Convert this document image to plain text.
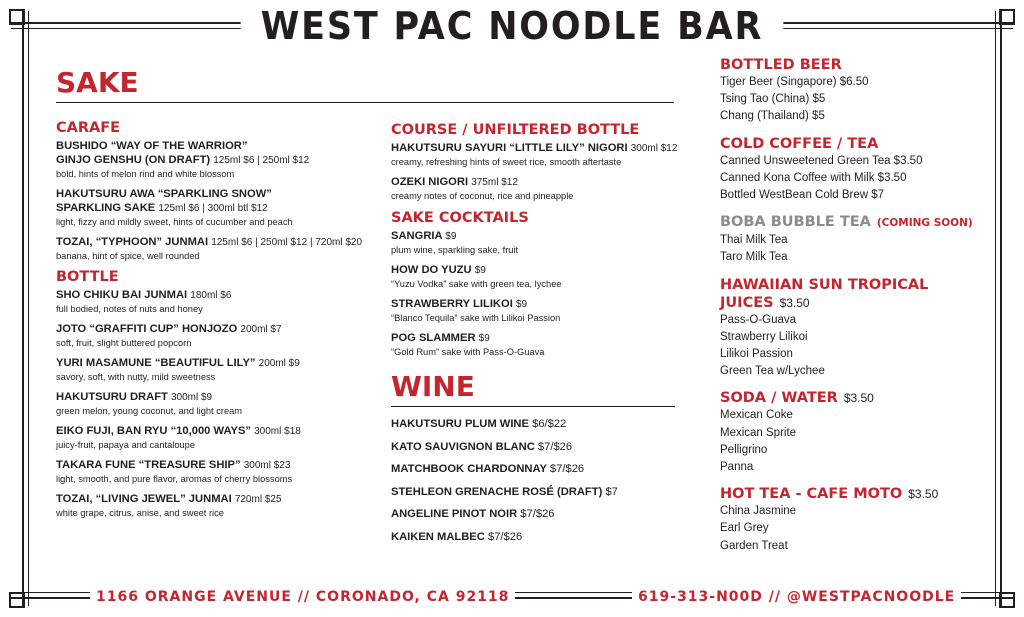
WEST PAC NOODLE BAR
1166 ORANGE AVENUE // CORONADO, CA 92118	619-313-N00D // @WESTPACNOODLE
SAKE
CARAFE
BUSHIDO “WAY OF THE WARRIOR”
GINJO GENSHU (ON DRAFT) 125ml $6 | 250ml $12
bold, hints of melon rind and white blossom
HAKUTSURU AWA “SPARKLING SNOW”
SPARKLING SAKE 125ml $6 | 300ml btl $12
light, fizzy and mildly sweet, hints of cucumber and peach
TOZAI, “TYPHOON” JUNMAI 125ml $6 | 250ml $12 | 720ml $20
banana, hint of spice, well rounded
BOTTLE
SHO CHIKU BAI JUNMAI 180ml $6
full bodied, notes of nuts and honey
JOTO “GRAFFITI CUP” HONJOZO 200ml $7
soft, fruit, slight buttered popcorn
YURI MASAMUNE “BEAUTIFUL LILY” 200ml $9
savory, soft, with nutty, mild sweetness
HAKUTSURU DRAFT 300ml $9
green melon, young coconut, and light cream
EIKO FUJI, BAN RYU “10,000 WAYS” 300ml $18
juicy-fruit, papaya and cantaloupe
TAKARA FUNE “TREASURE SHIP” 300ml $23
light, smooth, and pure flavor, aromas of cherry blossoms
TOZAI, “LIVING JEWEL” JUNMAI 720ml $25
white grape, citrus, anise, and sweet rice
COURSE / UNFILTERED BOTTLE
HAKUTSURU SAYURI “LITTLE LILY” NIGORI 300ml $12
creamy, refreshing hints of sweet rice, smooth aftertaste
OZEKI NIGORI 375ml $12
creamy notes of coconut, rice and pineapple
SAKE COCKTAILS
SANGRIA $9
plum wine, sparkling sake, fruit
HOW DO YUZU $9
“Yuzu Vodka” sake with green tea, lychee
STRAWBERRY LILIKOI $9
“Blanco Tequila” sake with Lilikoi Passion
POG SLAMMER $9
“Gold Rum” sake with Pass-O-Guava
WINE
HAKUTSURU PLUM WINE $6/$22
KATO SAUVIGNON BLANC $7/$26
MATCHBOOK CHARDONNAY $7/$26
STEHLEON GRENACHE ROSÉ (DRAFT) $7
ANGELINE PINOT NOIR $7/$26
KAIKEN MALBEC $7/$26
BOTTLED BEER
Tiger Beer (Singapore) $6.50
Tsing Tao (China) $5
Chang (Thailand) $5
COLD COFFEE / TEA
Canned Unsweetened Green Tea $3.50
Canned Kona Coffee with Milk $3.50
Bottled WestBean Cold Brew $7
BOBA BUBBLE TEA (COMING SOON)
Thai Milk Tea
Taro Milk Tea
HAWAIIAN SUN TROPICAL JUICES $3.50
Pass-O-Guava
Strawberry Lilikoi
Lilikoi Passion
Green Tea w/Lychee
SODA / WATER $3.50
Mexican Coke
Mexican Sprite
Pelligrino
Panna
HOT TEA - CAFE MOTO $3.50
China Jasmine
Earl Grey
Garden Treat
